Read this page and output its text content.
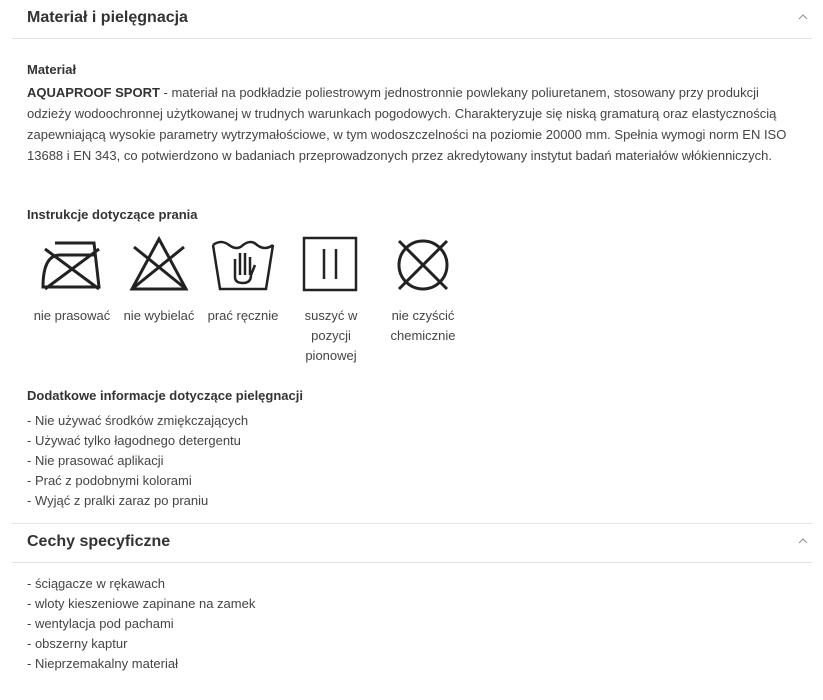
Materiał i pielęgnacja
Materiał
AQUAPROOF SPORT - materiał na podkładzie poliestrowym jednostronnie powlekany poliuretanem, stosowany przy produkcji odzieży wodoochronnej użytkowanej w trudnych warunkach pogodowych. Charakteryzuje się niską gramaturą oraz elastycznością zapewniającą wysokie parametry wytrzymałościowe, w tym wodoszczelności na poziomie 20000 mm. Spełnia wymogi norm EN ISO 13688 i EN 343, co potwierdzono w badaniach przeprowadzonych przez akredytowany instytut badań materiałów włókienniczych.
Instrukcje dotyczące prania
nie prasować	nie wybielać	prać ręcznie	suszyć w pozycji pionowej
nie czyścić chemicznie
Dodatkowe informacje dotyczące pielęgnacji
- Nie używać środków zmiękczających
- Używać tylko łagodnego detergentu
- Nie prasować aplikacji
- Prać z podobnymi kolorami
- Wyjąć z pralki zaraz po praniu
Cechy specyficzne
- ściągacze w rękawach
- wloty kieszeniowe zapinane na zamek
- wentylacja pod pachami
- obszerny kaptur
- Nieprzemakalny materiał
